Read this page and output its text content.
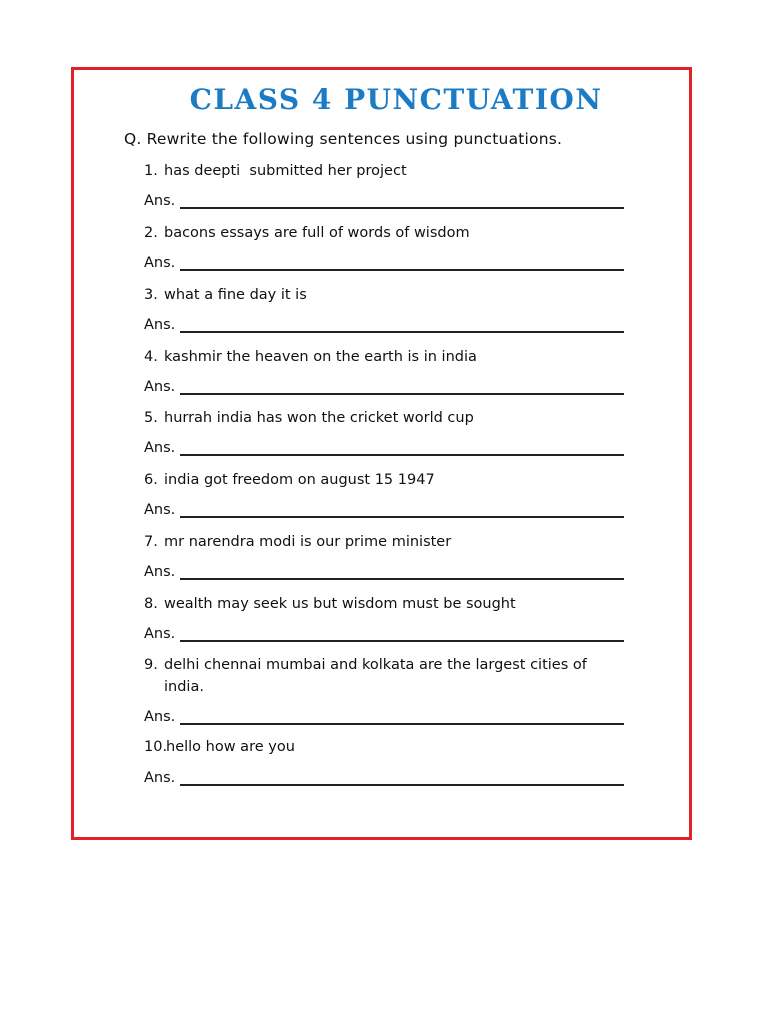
CLASS 4 PUNCTUATION
Q. Rewrite the following sentences using punctuations.
1. has deepti  submitted her project
Ans.
2. bacons essays are full of words of wisdom
Ans.
3. what a fine day it is
Ans.
4. kashmir the heaven on the earth is in india
Ans.
5. hurrah india has won the cricket world cup
Ans.
6. india got freedom on august 15 1947
Ans.
7. mr narendra modi is our prime minister
Ans.
8. wealth may seek us but wisdom must be sought
Ans.
9. delhi chennai mumbai and kolkata are the largest cities of
india.
Ans.
10.hello how are you
Ans.
